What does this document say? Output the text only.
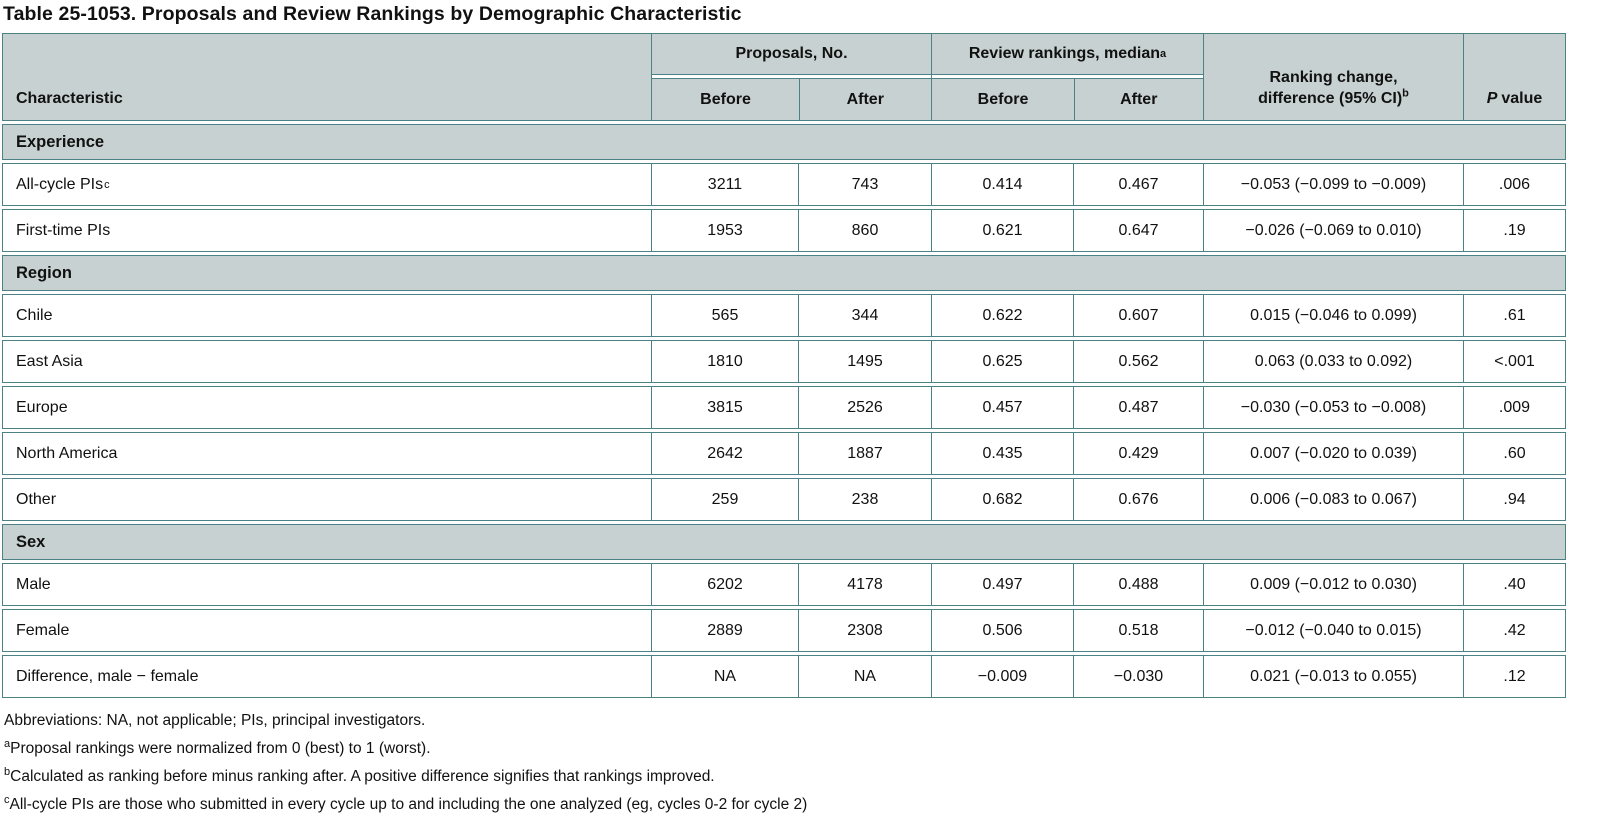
Table 25-1053. Proposals and Review Rankings by Demographic Characteristic
Characteristic
Proposals, No.
Before	After
Review rankings, median a
Before	After
Ranking change,
difference (95% CI)$^b$	P value
Experience
All-cycle PIs c	3211	743	0.414	0.467	−0.053 (−0.099 to −0.009)	.006
First-time PIs	1953	860	0.621	0.647	−0.026 (−0.069 to 0.010)	.19
Region
Chile	565	344	0.622	0.607	0.015 (−0.046 to 0.099)	.61
East Asia	1810	1495	0.625	0.562	0.063 (0.033 to 0.092)	<.001
Europe	3815	2526	0.457	0.487	−0.030 (−0.053 to −0.008)	.009
North America	2642	1887	0.435	0.429	0.007 (−0.020 to 0.039)	.60
Other	259	238	0.682	0.676	0.006 (−0.083 to 0.067)	.94
Sex
Male	6202	4178	0.497	0.488	0.009 (−0.012 to 0.030)	.40
Female	2889	2308	0.506	0.518	−0.012 (−0.040 to 0.015)	.42
Difference, male − female	NA	NA	−0.009	−0.030	0.021 (−0.013 to 0.055)	.12
Abbreviations: NA, not applicable; PIs, principal investigators.
$^a$Proposal rankings were normalized from 0 (best) to 1 (worst).
$^b$Calculated as ranking before minus ranking after. A positive difference signifies that rankings improved.
$^c$All-cycle PIs are those who submitted in every cycle up to and including the one analyzed (eg, cycles 0-2 for cycle 2)
